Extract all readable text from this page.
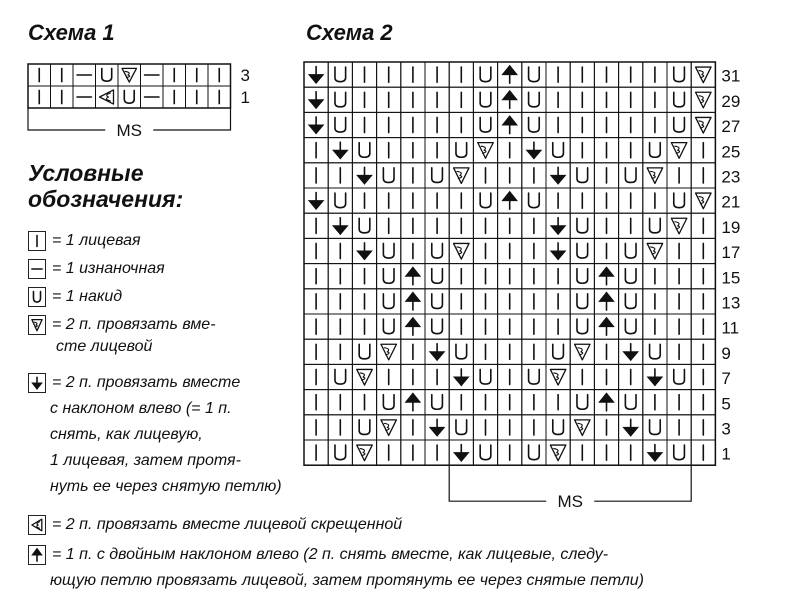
Схема 1	Схема 2
3
1
MS
31
29
27
25
23
21
19
17
15
13
11
9
7
5
3
1
MS
Условные
обозначения:
= 1 лицевая
= 1 изнаночная
= 1 накид
= 2 п. провязать вме-
сте лицевой
= 2 п. провязать вместе
с наклоном влево (= 1 п.
снять, как лицевую,
1 лицевая, затем протя-
нуть ее через снятую петлю)
= 2 п. провязать вместе лицевой скрещенной
= 1 п. с двойным наклоном влево (2 п. снять вместе, как лицевые, следу-
ющую петлю провязать лицевой, затем протянуть ее через снятые петли)
